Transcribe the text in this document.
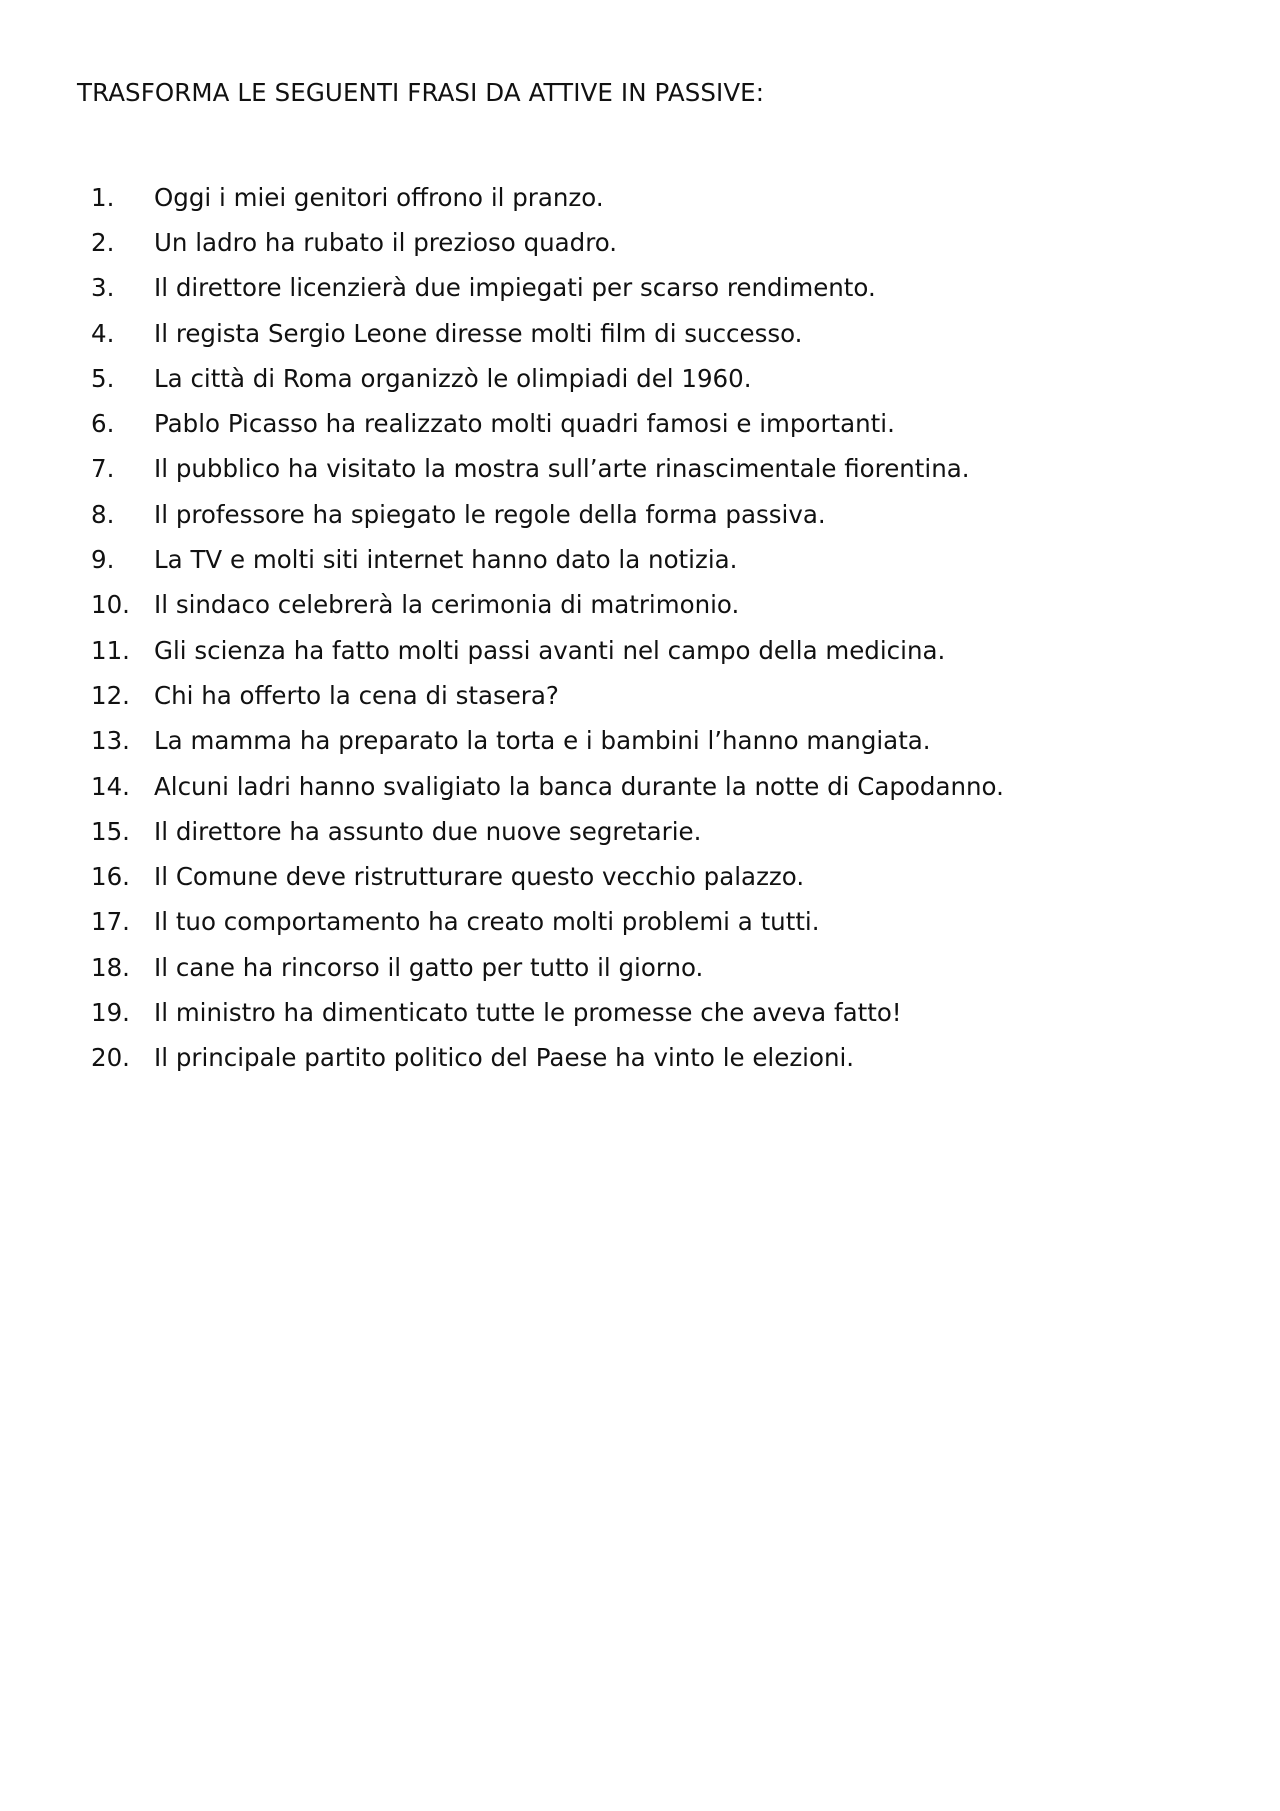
TRASFORMA LE SEGUENTI FRASI DA ATTIVE IN PASSIVE:
1.	Oggi i miei genitori offrono il pranzo.
2.	Un ladro ha rubato il prezioso quadro.
3.	Il direttore licenzierà due impiegati per scarso rendimento.
4.	Il regista Sergio Leone diresse molti film di successo.
5.	La città di Roma organizzò le olimpiadi del 1960.
6.	Pablo Picasso ha realizzato molti quadri famosi e importanti.
7.	Il pubblico ha visitato la mostra sull’arte rinascimentale fiorentina.
8.	Il professore ha spiegato le regole della forma passiva.
9.	La TV e molti siti internet hanno dato la notizia.
10. Il sindaco celebrerà la cerimonia di matrimonio.
11. Gli scienza ha fatto molti passi avanti nel campo della medicina.
12. Chi ha offerto la cena di stasera?
13. La mamma ha preparato la torta e i bambini l’hanno mangiata.
14. Alcuni ladri hanno svaligiato la banca durante la notte di Capodanno.
15. Il direttore ha assunto due nuove segretarie.
16. Il Comune deve ristrutturare questo vecchio palazzo.
17. Il tuo comportamento ha creato molti problemi a tutti.
18. Il cane ha rincorso il gatto per tutto il giorno.
19. Il ministro ha dimenticato tutte le promesse che aveva fatto!
20. Il principale partito politico del Paese ha vinto le elezioni.
